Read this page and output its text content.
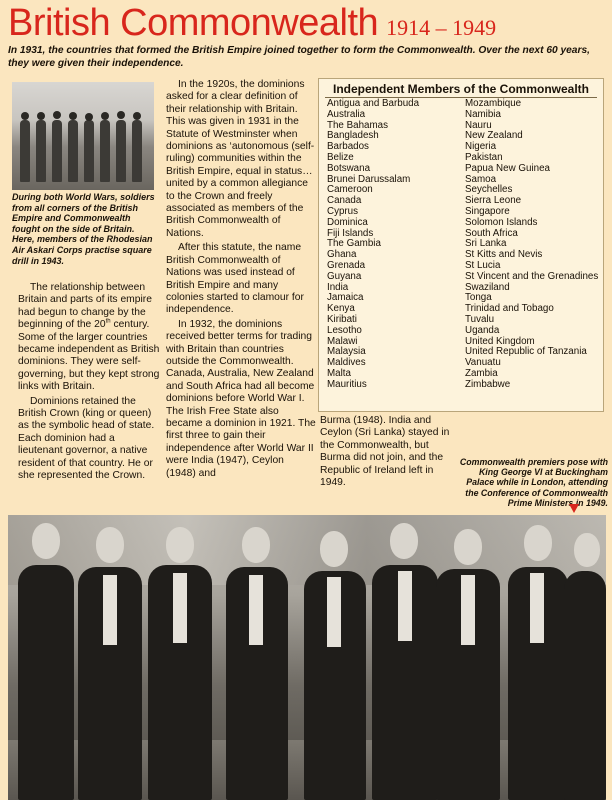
British Commonwealth 1914 – 1949
In 1931, the countries that formed the British Empire joined together to form the Commonwealth. Over the next 60 years, they were given their independence.
During both World Wars, soldiers from all corners of the British Empire and Commonwealth fought on the side of Britain. Here, members of the Rhodesian Air Askari Corps practise square drill in 1943.

The relationship between Britain and parts of its empire had begun to change by the beginning of the 20th century. Some of the larger countries became independent as British dominions. They were self-governing, but they kept strong links with Britain.

Dominions retained the British Crown (king or queen) as the symbolic head of state. Each dominion had a lieutenant governor, a native resident of that country. He or she represented the Crown.

In the 1920s, the dominions asked for a clear definition of their relationship with Britain. This was given in 1931 in the Statute of Westminster when dominions as ‘autonomous (self-ruling) communities within the British Empire, equal in status… united by a common allegiance to the Crown and freely associated as members of the British Commonwealth of Nations.

After this statute, the name British Commonwealth of Nations was used instead of British Empire and many colonies started to clamour for independence.

In 1932, the dominions received better terms for trading with Britain than countries outside the Commonwealth. Canada, Australia, New Zealand and South Africa had all become dominions before World War I. The Irish Free State also became a dominion in 1921. The first three to gain their independence after World War II were India (1947), Ceylon (1948) and

Independent Members of the Commonwealth
Antigua and Barbuda
Australia
The Bahamas
Bangladesh
Barbados
Belize
Botswana
Brunei Darussalam
Cameroon
Canada
Cyprus
Dominica
Fiji Islands
The Gambia
Ghana
Grenada
Guyana
India
Jamaica
Kenya
Kiribati
Lesotho
Malawi
Malaysia
Maldives
Malta
Mauritius
Mozambique
Namibia
Nauru
New Zealand
Nigeria
Pakistan
Papua New Guinea
Samoa
Seychelles
Sierra Leone
Singapore
Solomon Islands
South Africa
Sri Lanka
St Kitts and Nevis
St Lucia
St Vincent and the Grenadines
Swaziland
Tonga
Trinidad and Tobago
Tuvalu
Uganda
United Kingdom
United Republic of Tanzania
Vanuatu
Zambia
Zimbabwe

Burma (1948). India and Ceylon (Sri Lanka) stayed in the Commonwealth, but Burma did not join, and the Republic of Ireland left in 1949.

Commonwealth premiers pose with King George VI at Buckingham Palace while in London, attending the Conference of Commonwealth Prime Ministers in 1949.
